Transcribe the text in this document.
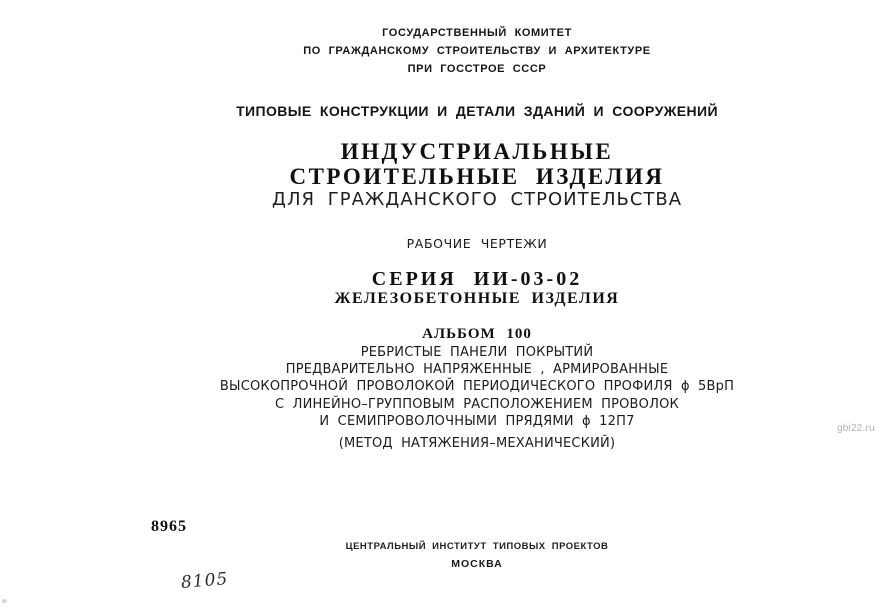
ГОСУДАРСТВЕННЫЙ КОМИТЕТ
ПО ГРАЖДАНСКОМУ СТРОИТЕЛЬСТВУ И АРХИТЕКТУРЕ
ПРИ ГОССТРОЕ СССР
ТИПОВЫЕ КОНСТРУКЦИИ И ДЕТАЛИ ЗДАНИЙ И СООРУЖЕНИЙ
ИНДУСТРИАЛЬНЫЕ
СТРОИТЕЛЬНЫЕ ИЗДЕЛИЯ
ДЛЯ ГРАЖДАНСКОГО СТРОИТЕЛЬСТВА
РАБОЧИЕ ЧЕРТЕЖИ
СЕРИЯ ИИ-03-02
ЖЕЛЕЗОБЕТОННЫЕ ИЗДЕЛИЯ
АЛЬБОМ 100
РЕБРИСТЫЕ ПАНЕЛИ ПОКРЫТИЙ
ПРЕДВАРИТЕЛЬНО НАПРЯЖЕННЫЕ , АРМИРОВАННЫЕ
ВЫСОКОПРОЧНОЙ ПРОВОЛОКОЙ ПЕРИОДИЧЕСКОГО ПРОФИЛЯ ϕ 5ВрП
С ЛИНЕЙНО–ГРУППОВЫМ РАСПОЛОЖЕНИЕМ ПРОВОЛОК
И СЕМИПРОВОЛОЧНЫМИ ПРЯДЯМИ ϕ 12П7
(МЕТОД НАТЯЖЕНИЯ–МЕХАНИЧЕСКИЙ)
8965
ЦЕНТРАЛЬНЫЙ ИНСТИТУТ ТИПОВЫХ ПРОЕКТОВ
МОСКВА
8105
gbi22.ru
